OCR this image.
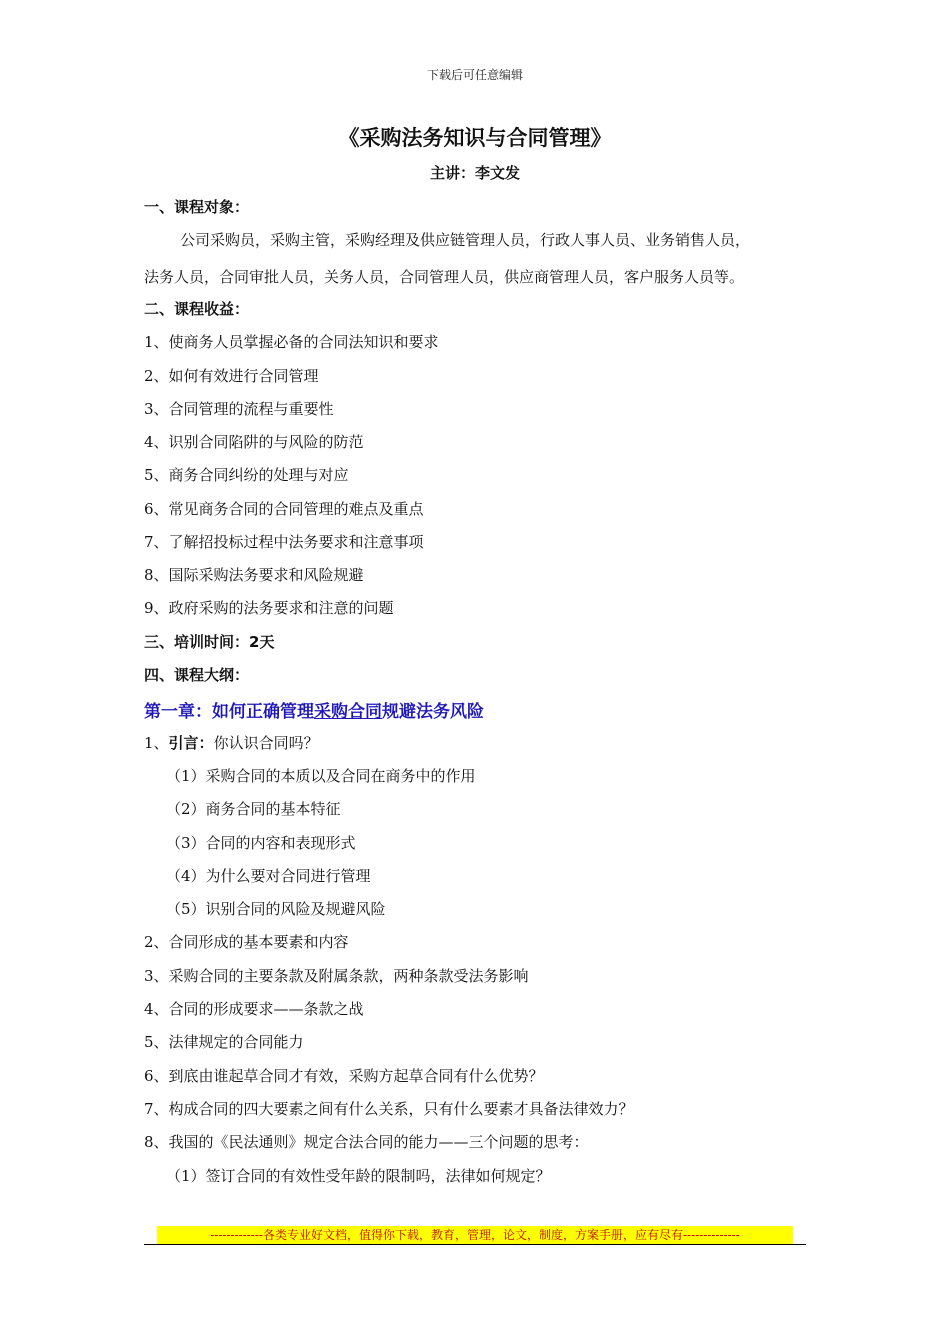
下载后可任意编辑
《采购法务知识与合同管理》
主讲：李文发
一、课程对象：
公司采购员，采购主管，采购经理及供应链管理人员，行政人事人员、业务销售人员，
法务人员，合同审批人员，关务人员，合同管理人员，供应商管理人员，客户服务人员等。
二、课程收益：
1、使商务人员掌握必备的合同法知识和要求
2、如何有效进行合同管理
3、合同管理的流程与重要性
4、识别合同陷阱的与风险的防范
5、商务合同纠纷的处理与对应
6、常见商务合同的合同管理的难点及重点
7、了解招投标过程中法务要求和注意事项
8、国际采购法务要求和风险规避
9、政府采购的法务要求和注意的问题
三、培训时间：2天
四、课程大纲：
第一章：如何正确管理采购合同规避法务风险
1、引言：你认识合同吗？
（1）采购合同的本质以及合同在商务中的作用
（2）商务合同的基本特征
（3）合同的内容和表现形式
（4）为什么要对合同进行管理
（5）识别合同的风险及规避风险
2、合同形成的基本要素和内容
3、采购合同的主要条款及附属条款，两种条款受法务影响
4、合同的形成要求——条款之战
5、法律规定的合同能力
6、到底由谁起草合同才有效，采购方起草合同有什么优势？
7、构成合同的四大要素之间有什么关系，只有什么要素才具备法律效力？
8、我国的《民法通则》规定合法合同的能力——三个问题的思考：
（1）签订合同的有效性受年龄的限制吗，法律如何规定？
-------------各类专业好文档，值得你下载，教育，管理，论文，制度，方案手册，应有尽有--------------
